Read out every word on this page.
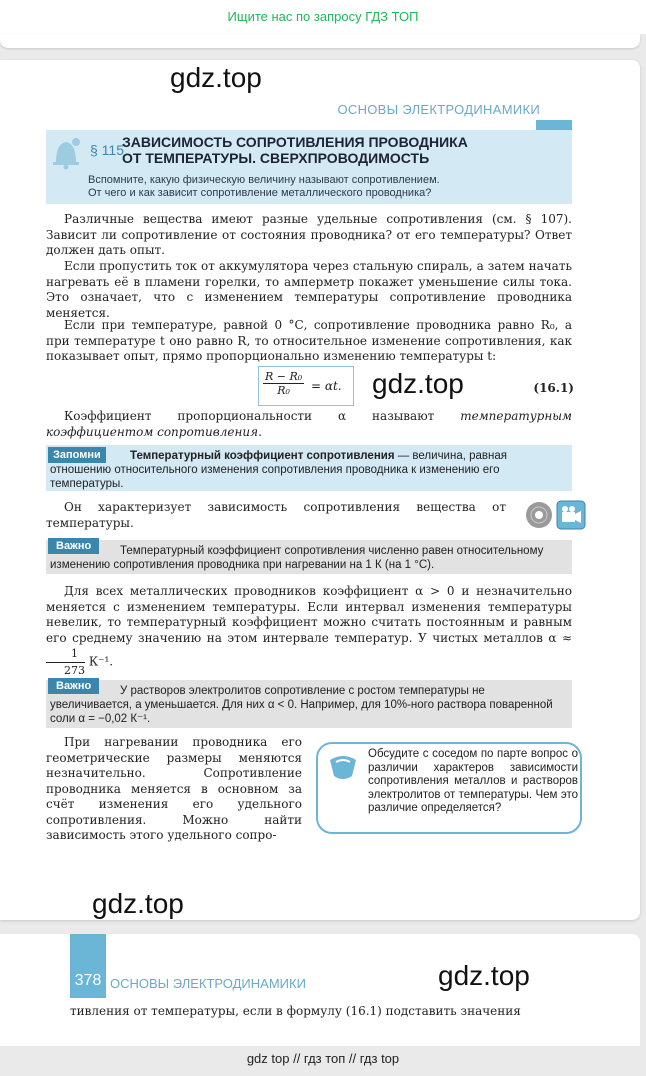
Ищите нас по запросу ГДЗ ТОП
gdz.top
ОСНОВЫ ЭЛЕКТРОДИНАМИКИ
§ 115
ЗАВИСИМОСТЬ СОПРОТИВЛЕНИЯ ПРОВОДНИКА
ОТ ТЕМПЕРАТУРЫ. СВЕРХПРОВОДИМОСТЬ
Вспомните, какую физическую величину называют сопротивлением.
От чего и как зависит сопротивление металлического проводника?
Различные вещества имеют разные удельные сопротивления (см. § 107). Зависит ли сопротивление от состояния проводника? от его температуры? Ответ должен дать опыт.
Если пропустить ток от аккумулятора через стальную спираль, а затем начать нагревать её в пламени горелки, то амперметр покажет уменьшение силы тока. Это означает, что с изменением температуры сопротивление проводника меняется.
Если при температуре, равной 0 °С, сопротивление проводника равно R₀, а при температуре t оно равно R, то относительное изменение сопротивления, как показывает опыт, прямо пропорционально изменению температуры t:
$\frac{\text{R − R₀}}{\text{R₀}} = \alpha t$. gdz.top	(16.1)
Коэффициент пропорциональности α называют температурным коэффициентом сопротивления.
Температурный коэффициент сопротивления — величина, равная отношению относительного изменения сопротивления проводника к изменению его температуры.
Запомни
Он характеризует зависимость сопротивления вещества от температуры.
Температурный коэффициент сопротивления численно равен относительному изменению сопротивления проводника при нагревании на 1 К (на 1 °С).
Важно
Для всех металлических проводников коэффициент α > 0 и незначительно меняется с изменением температуры. Если интервал изменения температуры невелик, то температурный коэффициент можно считать постоянным и равным его среднему значению на этом интервале температур. У чистых металлов α ≈
$\frac{1}{273} К^{-1}$.
У растворов электролитов сопротивление с ростом температуры не увеличивается, а уменьшается. Для них α < 0. Например, для 10%-ного раствора поваренной соли α = −0,02 К⁻¹.
Важно
При нагревании проводника его геометрические размеры меняются незначительно. Сопротивление проводника меняется в основном за счёт изменения его удельного сопротивления. Можно найти зависимость этого удельного сопро-
Обсудите с соседом по парте вопрос о различии характеров зависимости сопротивления металлов и растворов электролитов от температуры. Чем это различие определяется?
gdz.top
378 ОСНОВЫ ЭЛЕКТРОДИНАМИКИ	gdz.top
тивления от температуры, если в формулу (16.1) подставить значения
gdz top // гдз топ // гдз top
